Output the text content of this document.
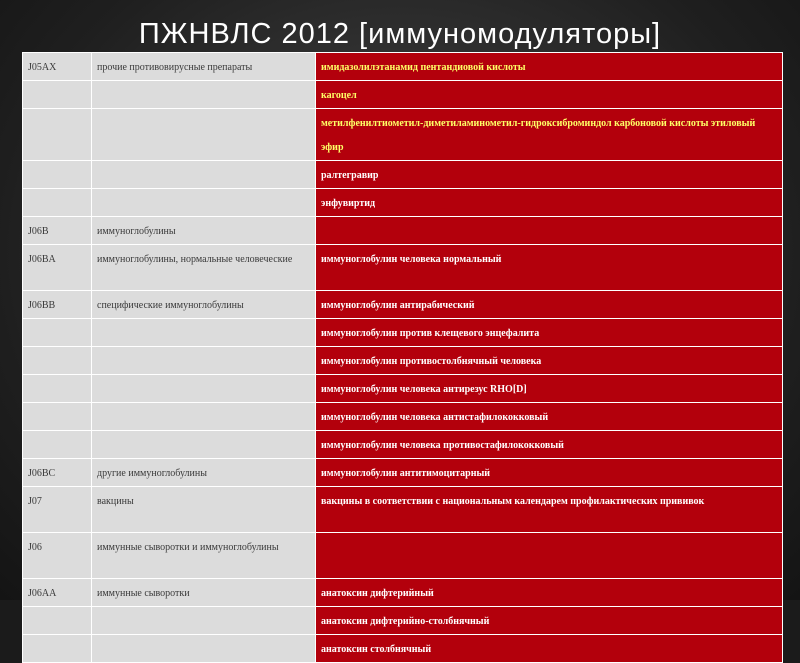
ПЖНВЛС 2012 [иммуномодуляторы]
J05AX	прочие противовирусные препараты	имидазолилэтанамид пентандиовой кислоты
		кагоцел
		метилфенилтиометил-диметиламинометил-гидроксиброминдол карбоновой кислоты этиловый эфир
		ралтегравир
		энфувиртид
J06B	иммуноглобулины	
J06BA	иммуноглобулины, нормальные человеческие	иммуноглобулин человека нормальный
J06BB	специфические иммуноглобулины	иммуноглобулин антирабический
		иммуноглобулин против клещевого энцефалита
		иммуноглобулин противостолбнячный человека
		иммуноглобулин человека антирезус RHO[D]
		иммуноглобулин человека антистафилококковый
		иммуноглобулин человека противостафилококковый
J06BC	другие иммуноглобулины	иммуноглобулин антитимоцитарный
J07	вакцины	вакцины в соответствии с национальным календарем профилактических прививок
J06	иммунные сыворотки и иммуноглобулины	
J06AA	иммунные сыворотки	анатоксин дифтерийный
		анатоксин дифтерийно-столбнячный
		анатоксин столбнячный
